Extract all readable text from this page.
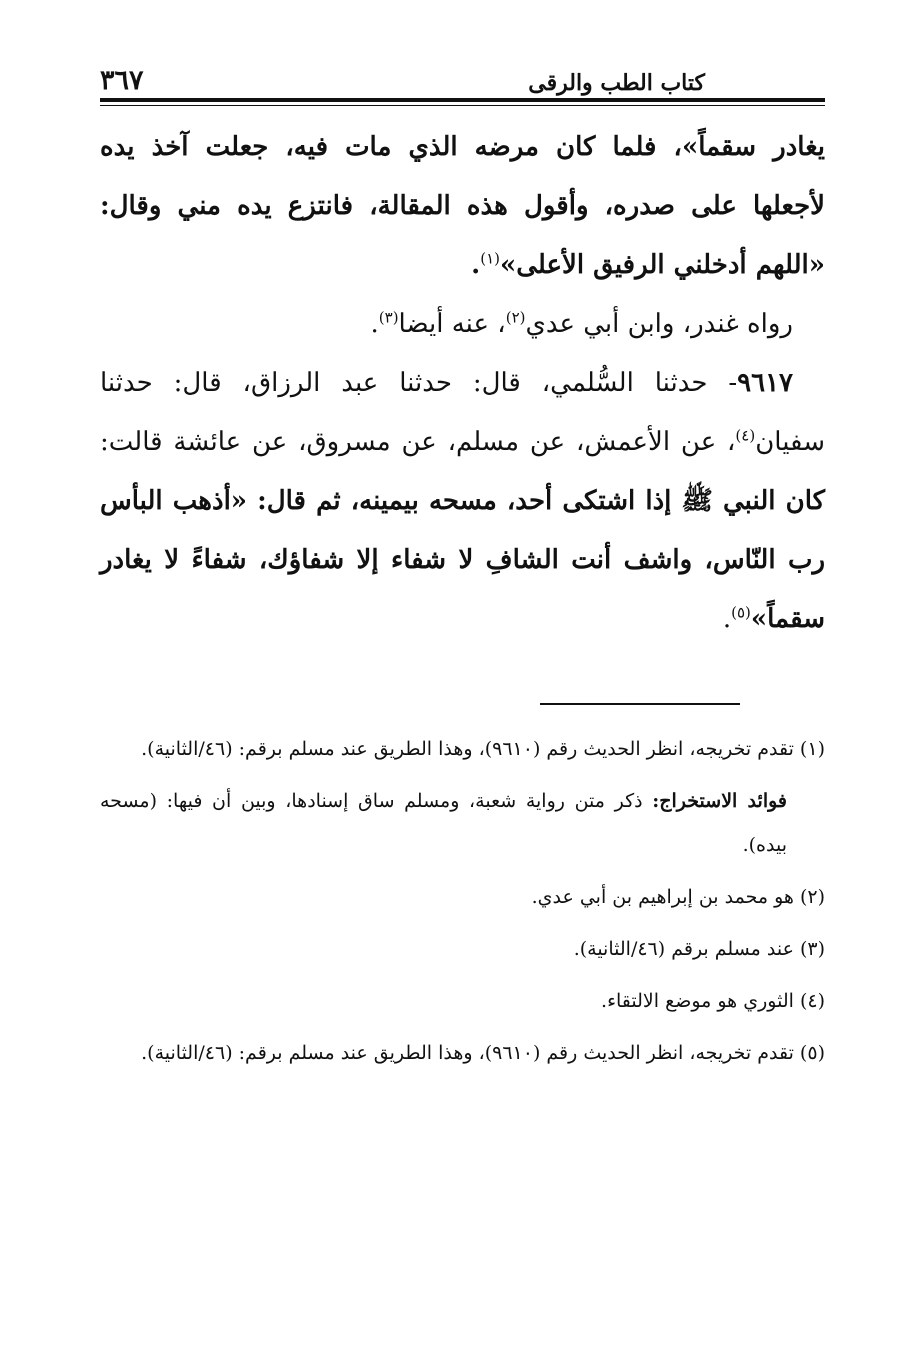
كتاب الطب والرقى
٣٦٧

يغادر سقماً»، فلما كان مرضه الذي مات فيه، جعلت آخذ يده لأجعلها على صدره، وأقول هذه المقالة، فانتزع يده مني وقال: «اللهم أدخلني الرفيق الأعلى»$^{(١)}$.

رواه غندر، وابن أبي عدي$^{(٢)}$، عنه أيضا$^{(٣)}$.

٩٦١٧- حدثنا السُّلمي، قال: حدثنا عبد الرزاق، قال: حدثنا سفيان$^{(٤)}$، عن الأعمش، عن مسلم، عن مسروق، عن عائشة قالت: كان النبي ﷺ إذا اشتكى أحد، مسحه بيمينه، ثم قال: «أذهب البأس رب النّاس، واشف أنت الشافِ لا شفاء إلا شفاؤك، شفاءً لا يغادر سقماً»$^{(٥)}$.

(١) تقدم تخريجه، انظر الحديث رقم (٩٦١٠)، وهذا الطريق عند مسلم برقم: (٤٦/الثانية).

فوائد الاستخراج: ذكر متن رواية شعبة، ومسلم ساق إسنادها، وبين أن فيها: (مسحه بيده).

(٢) هو محمد بن إبراهيم بن أبي عدي.

(٣) عند مسلم برقم (٤٦/الثانية).

(٤) الثوري هو موضع الالتقاء.

(٥) تقدم تخريجه، انظر الحديث رقم (٩٦١٠)، وهذا الطريق عند مسلم برقم: (٤٦/الثانية).
